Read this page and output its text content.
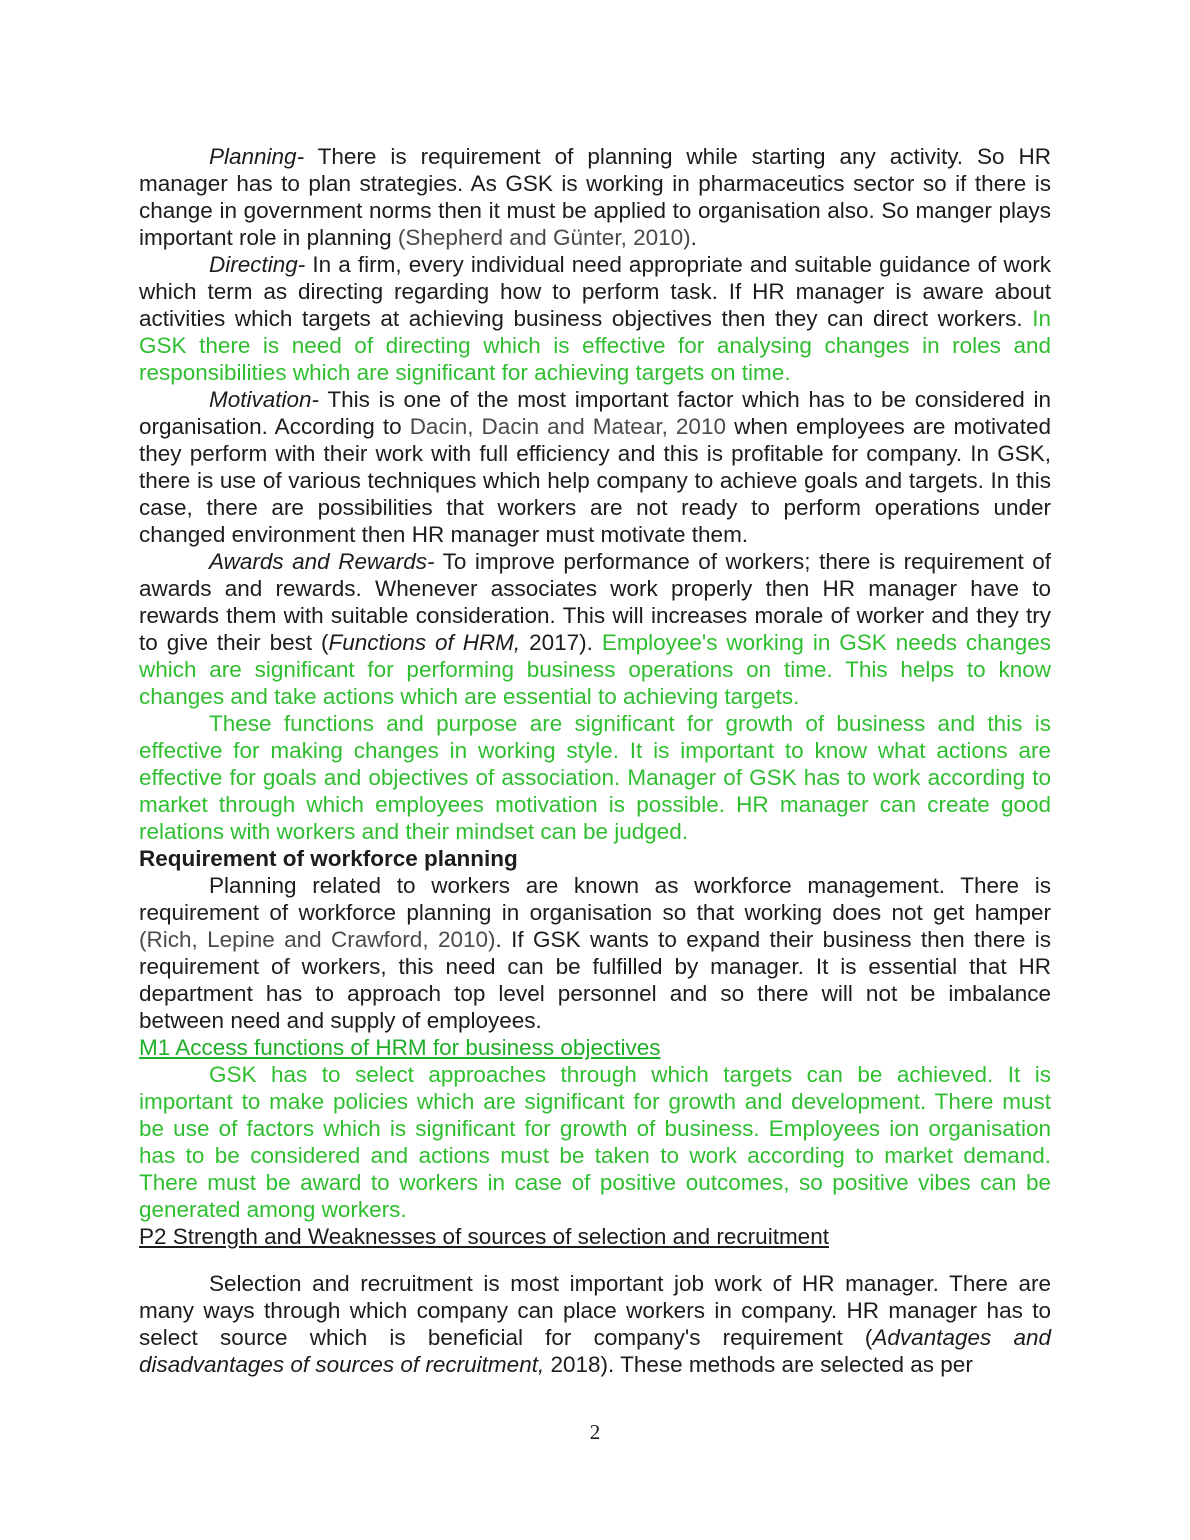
Planning- There is requirement of planning while starting any activity. So HR manager has to plan strategies. As GSK is working in pharmaceutics sector so if there is change in government norms then it must be applied to organisation also. So manger plays important role in planning (Shepherd and Günter, 2010).

Directing- In a firm, every individual need appropriate and suitable guidance of work which term as directing regarding how to perform task. If HR manager is aware about activities which targets at achieving business objectives then they can direct workers. In GSK there is need of directing which is effective for analysing changes in roles and responsibilities which are significant for achieving targets on time.

Motivation- This is one of the most important factor which has to be considered in organisation. According to Dacin, Dacin and Matear, 2010 when employees are motivated they perform with their work with full efficiency and this is profitable for company. In GSK, there is use of various techniques which help company to achieve goals and targets. In this case, there are possibilities that workers are not ready to perform operations under changed environment then HR manager must motivate them.

Awards and Rewards- To improve performance of workers; there is requirement of awards and rewards. Whenever associates work properly then HR manager have to rewards them with suitable consideration. This will increases morale of worker and they try to give their best (Functions of HRM, 2017). Employee's working in GSK needs changes which are significant for performing business operations on time. This helps to know changes and take actions which are essential to achieving targets.

These functions and purpose are significant for growth of business and this is effective for making changes in working style. It is important to know what actions are effective for goals and objectives of association. Manager of GSK has to work according to market through which employees motivation is possible. HR manager can create good relations with workers and their mindset can be judged.

Requirement of workforce planning

Planning related to workers are known as workforce management. There is requirement of workforce planning in organisation so that working does not get hamper (Rich, Lepine and Crawford, 2010). If GSK wants to expand their business then there is requirement of workers, this need can be fulfilled by manager. It is essential that HR department has to approach top level personnel and so there will not be imbalance between need and supply of employees.

M1 Access functions of HRM for business objectives

GSK has to select approaches through which targets can be achieved. It is important to make policies which are significant for growth and development. There must be use of factors which is significant for growth of business. Employees ion organisation has to be considered and actions must be taken to work according to market demand. There must be award to workers in case of positive outcomes, so positive vibes can be generated among workers.

P2 Strength and Weaknesses of sources of selection and recruitment

Selection and recruitment is most important job work of HR manager. There are many ways through which company can place workers in company. HR manager has to select source which is beneficial for company's requirement (Advantages and disadvantages of sources of recruitment, 2018). These methods are selected as per

2
